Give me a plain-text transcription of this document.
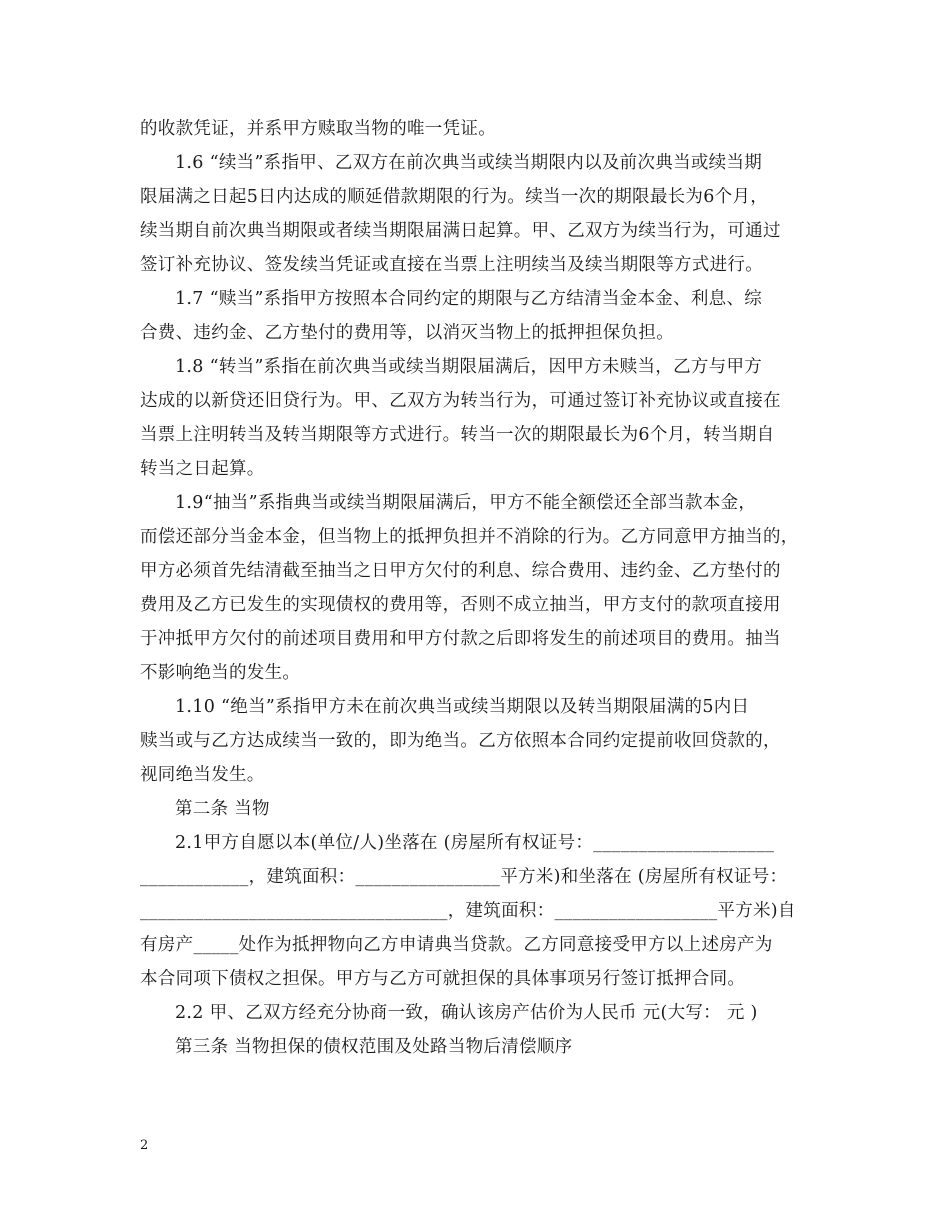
的收款凭证，并系甲方赎取当物的唯一凭证。
1.6 “续当”系指甲、乙双方在前次典当或续当期限内以及前次典当或续当期
限届满之日起5日内达成的顺延借款期限的行为。续当一次的期限最长为6个月，
续当期自前次典当期限或者续当期限届满日起算。甲、乙双方为续当行为，可通过
签订补充协议、签发续当凭证或直接在当票上注明续当及续当期限等方式进行。
1.7 “赎当”系指甲方按照本合同约定的期限与乙方结清当金本金、利息、综
合费、违约金、乙方垫付的费用等，以消灭当物上的抵押担保负担。
1.8 “转当”系指在前次典当或续当期限届满后，因甲方未赎当，乙方与甲方
达成的以新贷还旧贷行为。甲、乙双方为转当行为，可通过签订补充协议或直接在
当票上注明转当及转当期限等方式进行。转当一次的期限最长为6个月，转当期自
转当之日起算。
1.9“抽当”系指典当或续当期限届满后，甲方不能全额偿还全部当款本金，
而偿还部分当金本金，但当物上的抵押负担并不消除的行为。乙方同意甲方抽当的，
甲方必须首先结清截至抽当之日甲方欠付的利息、综合费用、违约金、乙方垫付的
费用及乙方已发生的实现债权的费用等，否则不成立抽当，甲方支付的款项直接用
于冲抵甲方欠付的前述项目费用和甲方付款之后即将发生的前述项目的费用。抽当
不影响绝当的发生。
1.10 “绝当”系指甲方未在前次典当或续当期限以及转当期限届满的5内日
赎当或与乙方达成续当一致的，即为绝当。乙方依照本合同约定提前收回贷款的，
视同绝当发生。
第二条 当物
2.1甲方自愿以本(单位/人)坐落在 (房屋所有权证号：____________________
____________，建筑面积：________________平方米)和坐落在 (房屋所有权证号：
__________________________________，建筑面积：__________________平方米)自
有房产_____处作为抵押物向乙方申请典当贷款。乙方同意接受甲方以上述房产为
本合同项下债权之担保。甲方与乙方可就担保的具体事项另行签订抵押合同。
2.2 甲、乙双方经充分协商一致，确认该房产估价为人民币 元(大写： 元 )
第三条 当物担保的债权范围及处路当物后清偿顺序
2
